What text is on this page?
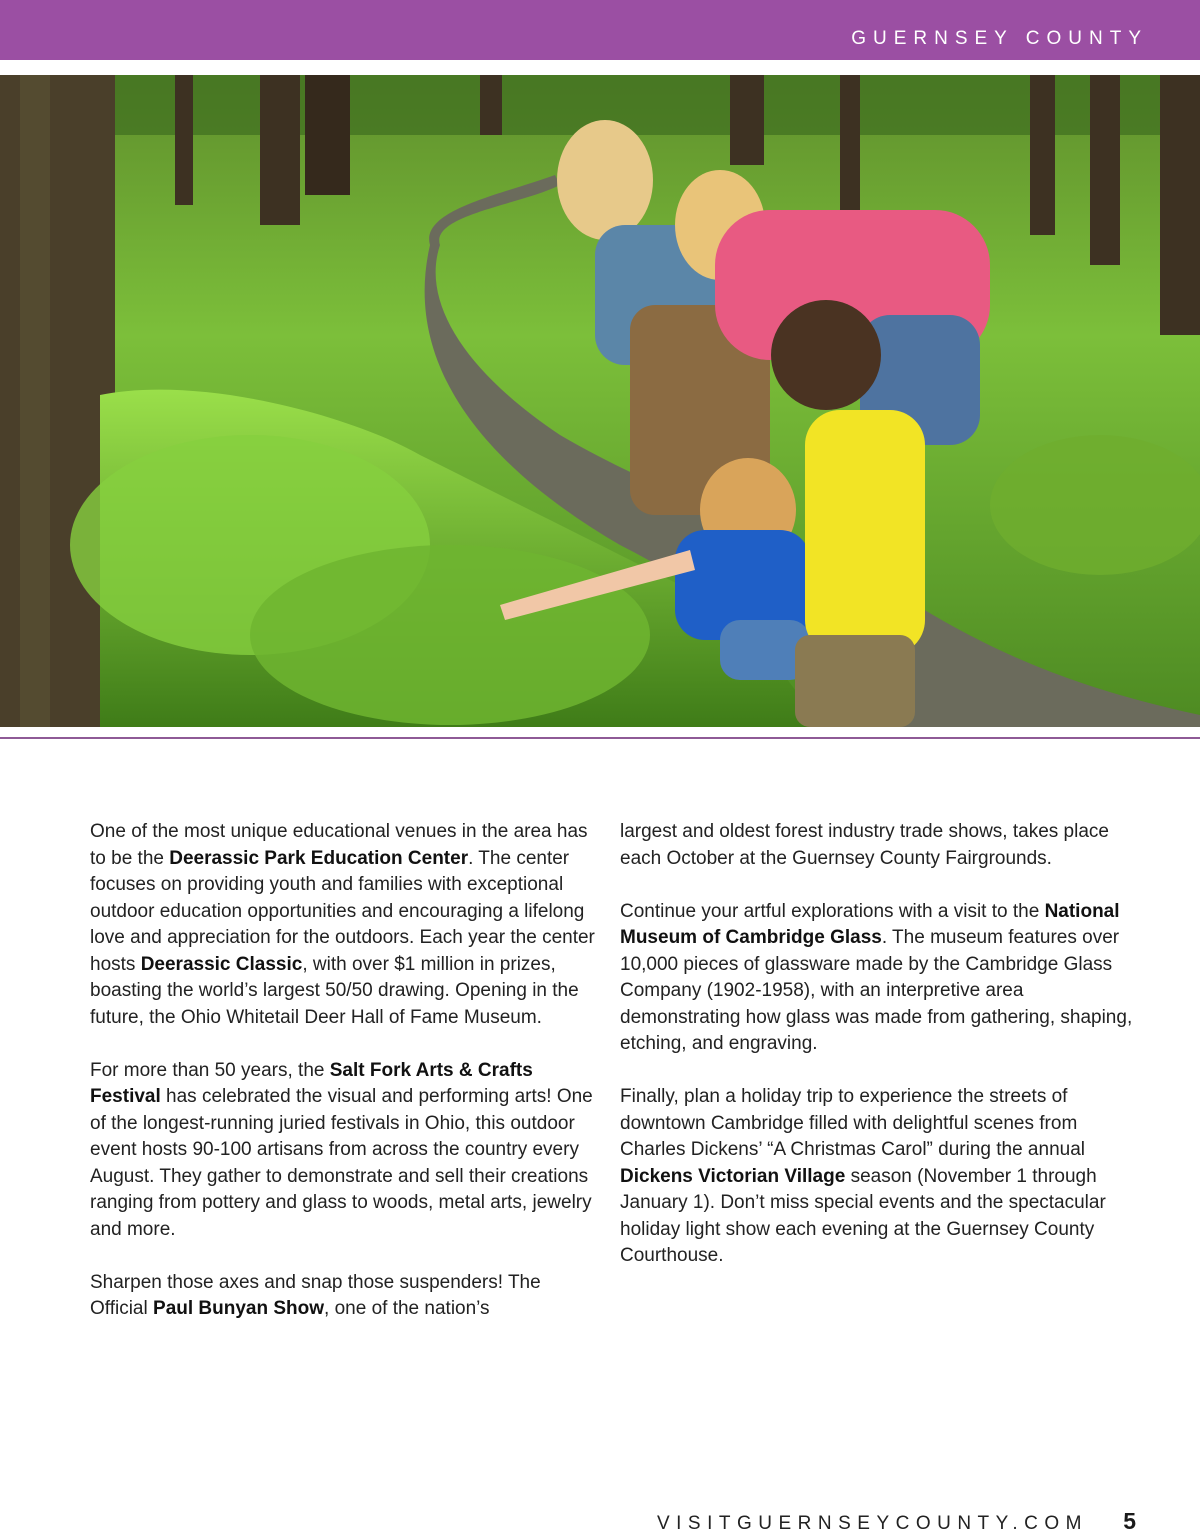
GUERNSEY COUNTY

One of the most unique educational venues in the area has to be the Deerassic Park Education Center. The center focuses on providing youth and families with exceptional outdoor education opportunities and encouraging a lifelong love and appreciation for the outdoors. Each year the center hosts Deerassic Classic, with over $1 million in prizes, boasting the world’s largest 50/50 drawing. Opening in the future, the Ohio Whitetail Deer Hall of Fame Museum.

For more than 50 years, the Salt Fork Arts & Crafts Festival has celebrated the visual and performing arts! One of the longest-running juried festivals in Ohio, this outdoor event hosts 90-100 artisans from across the country every August. They gather to demonstrate and sell their creations ranging from pottery and glass to woods, metal arts, jewelry and more.

Sharpen those axes and snap those suspenders! The Official Paul Bunyan Show, one of the nation’s

largest and oldest forest industry trade shows, takes place each October at the Guernsey County Fairgrounds.

Continue your artful explorations with a visit to the National Museum of Cambridge Glass. The museum features over 10,000 pieces of glassware made by the Cambridge Glass Company (1902-1958), with an interpretive area demonstrating how glass was made from gathering, shaping, etching, and engraving.

Finally, plan a holiday trip to experience the streets of downtown Cambridge filled with delightful scenes from Charles Dickens’ “A Christmas Carol” during the annual Dickens Victorian Village season (November 1 through January 1). Don’t miss special events and the spectacular holiday light show each evening at the Guernsey County Courthouse.

VISITGUERNSEYCOUNTY.COM 5
